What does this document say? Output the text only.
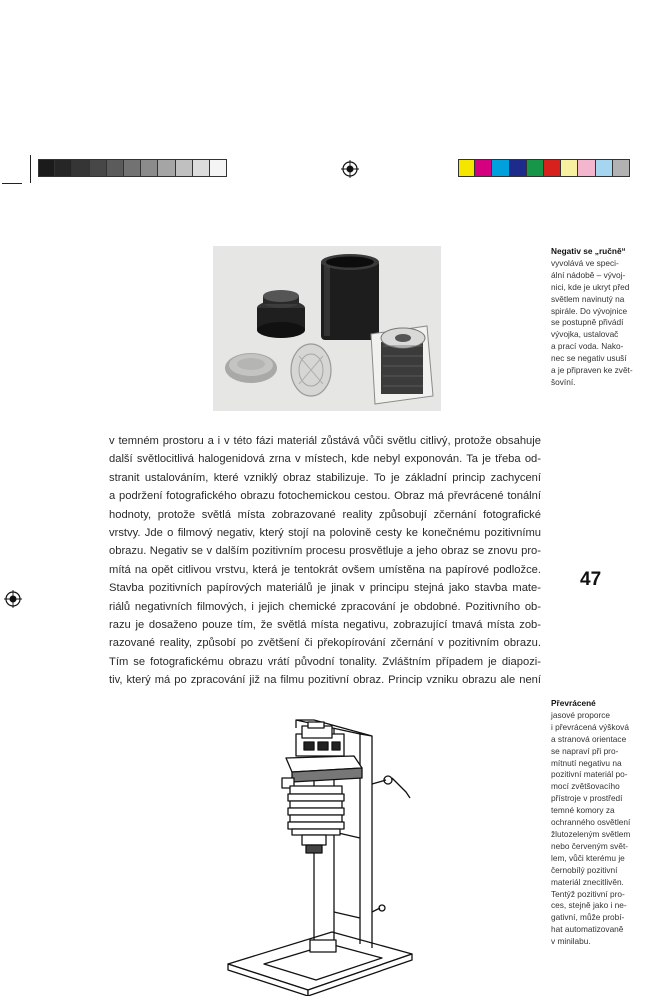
v temném prostoru a i v této fázi materiál zůstává vůči světlu citlivý, protože obsahuje
další světlocitlivá halogenidová zrna v místech, kde nebyl exponován. Ta je třeba od-
stranit ustalováním, které vzniklý obraz stabilizuje. To je základní princip zachycení
a podržení fotografického obrazu fotochemickou cestou. Obraz má převrácené tonální
hodnoty, protože světlá místa zobrazované reality způsobují zčernání fotografické
vrstvy. Jde o filmový negativ, který stojí na polovině cesty ke konečnému pozitivnímu
obrazu. Negativ se v dalším pozitivním procesu prosvětluje a jeho obraz se znovu pro-
mítá na opět citlivou vrstvu, která je tentokrát ovšem umístěna na papírové podložce.
Stavba pozitivních papírových materiálů je jinak v principu stejná jako stavba mate-
riálů negativních filmových, i jejich chemické zpracování je obdobné. Pozitivního ob-
razu je dosaženo pouze tím, že světlá místa negativu, zobrazující tmavá místa zob-
razované reality, způsobí po zvětšení či překopírování zčernání v pozitivním obrazu.
Tím se fotografickému obrazu vrátí původní tonality. Zvláštním případem je diapozi-
tiv, který má po zpracování již na filmu pozitivní obraz. Princip vzniku obrazu ale není
Negativ se „ručně“
vyvolává ve speci-
ální nádobě – vývoj-
nici, kde je ukryt před
světlem navinutý na
spirále. Do vývojnice
se postupně přivádí
vývojka, ustalovač
a prací voda. Nako-
nec se negativ usuší
a je připraven ke zvět-
šovíní.
47
Převrácené
jasové proporce
i převrácená výšková
a stranová orientace
se napraví při pro-
mítnutí negativu na
pozitivní materiál po-
mocí zvětšovacího
přístroje v prostředí
temné komory za
ochranného osvětlení
žlutozeleným světlem
nebo červeným svět-
lem, vůči kterému je
černobílý pozitivní
materiál znecitlivěn.
Tentýž pozitivní pro-
ces, stejně jako i ne-
gativní, může probí-
hat automatizovaně
v minilabu.
